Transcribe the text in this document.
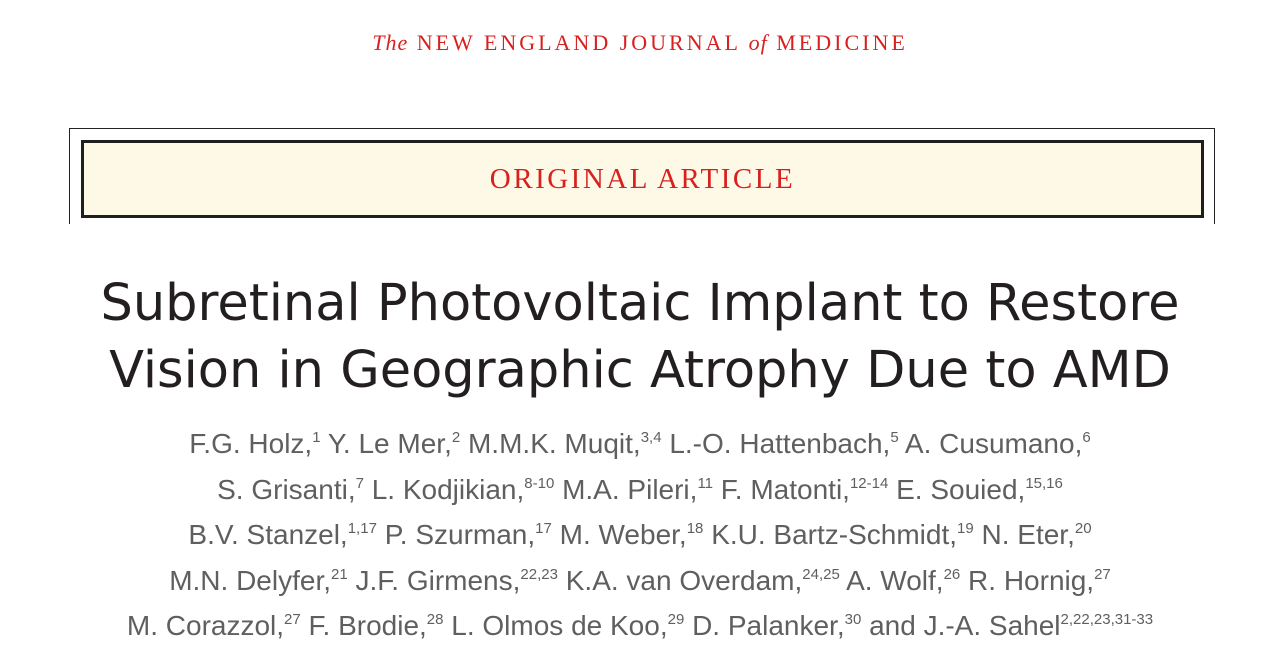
The NEW ENGLAND JOURNAL of MEDICINE
ORIGINAL ARTICLE
Subretinal Photovoltaic Implant to Restore
Vision in Geographic Atrophy Due to AMD
F.G. Holz,$^1$ Y. Le Mer,$^2$ M.M.K. Muqit,$^{3,4}$ L.-O. Hattenbach,$^5$ A. Cusumano,$^6$
S. Grisanti,$^7$ L. Kodjikian,$^{8-10}$ M.A. Pileri,$^{11}$ F. Matonti,$^{12-14}$ E. Souied,$^{15,16}$
B.V. Stanzel,$^{1,17}$ P. Szurman,$^{17}$ M. Weber,$^{18}$ K.U. Bartz-Schmidt,$^{19}$ N. Eter,$^{20}$
M.N. Delyfer,$^{21}$ J.F. Girmens,$^{22,23}$ K.A. van Overdam,$^{24,25}$ A. Wolf,$^{26}$ R. Hornig,$^{27}$
M. Corazzol,$^{27}$ F. Brodie,$^{28}$ L. Olmos de Koo,$^{29}$ D. Palanker,$^{30}$ and J.-A. Sahel$^{2,22,23,31-33}$
